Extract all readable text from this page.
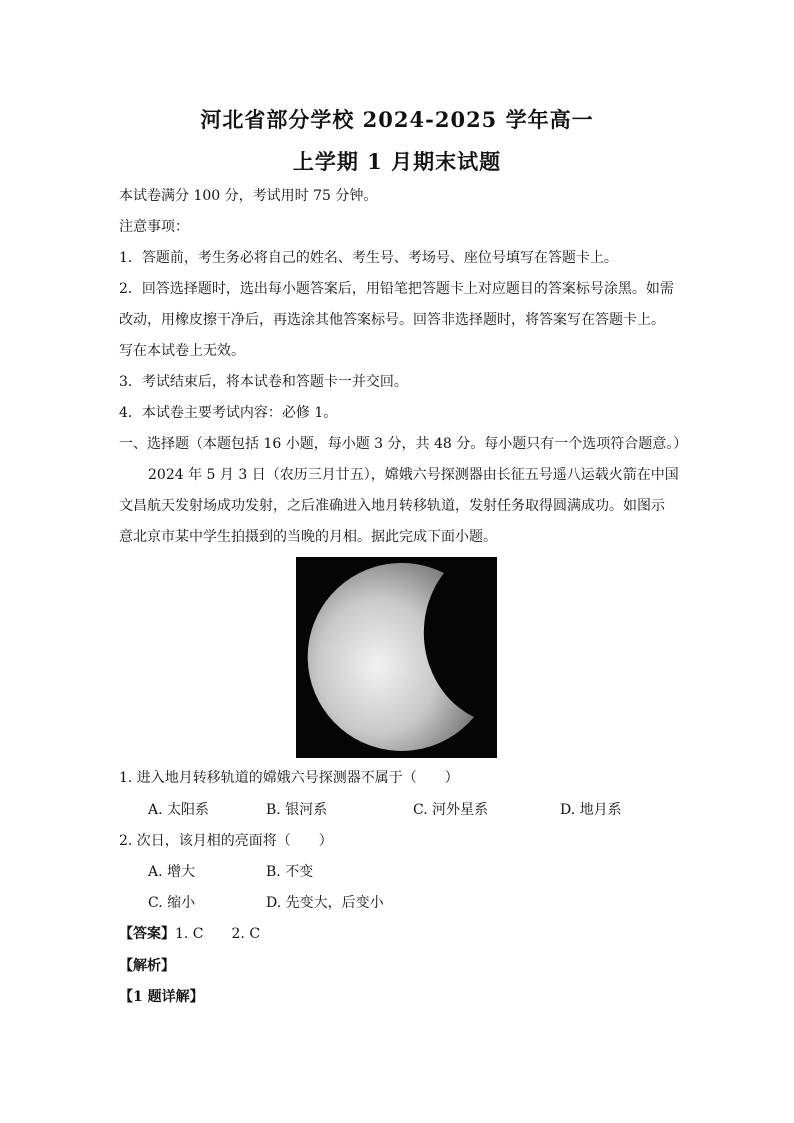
河北省部分学校 2024-2025 学年高一
上学期 1 月期末试题
本试卷满分 100 分，考试用时 75 分钟。
注意事项：
1．答题前，考生务必将自己的姓名、考生号、考场号、座位号填写在答题卡上。
2．回答选择题时，选出每小题答案后，用铅笔把答题卡上对应题目的答案标号涂黑。如需
改动，用橡皮擦干净后，再选涂其他答案标号。回答非选择题时，将答案写在答题卡上。
写在本试卷上无效。
3．考试结束后，将本试卷和答题卡一并交回。
4．本试卷主要考试内容：必修 1。
一、选择题（本题包括 16 小题，每小题 3 分，共 48 分。每小题只有一个选项符合题意。）
2024 年 5 月 3 日（农历三月廿五），嫦娥六号探测器由长征五号遥八运载火箭在中国
文昌航天发射场成功发射，之后准确进入地月转移轨道，发射任务取得圆满成功。如图示
意北京市某中学生拍摄到的当晚的月相。据此完成下面小题。
1. 进入地月转移轨道的嫦娥六号探测器不属于（　　）
A. 太阳系	B. 银河系	C. 河外星系	D. 地月系
2. 次日，该月相的亮面将（　　）
A. 增大	B. 不变
C. 缩小	D. 先变大，后变小
【答案】1. C　　2. C
【解析】
【1 题详解】
